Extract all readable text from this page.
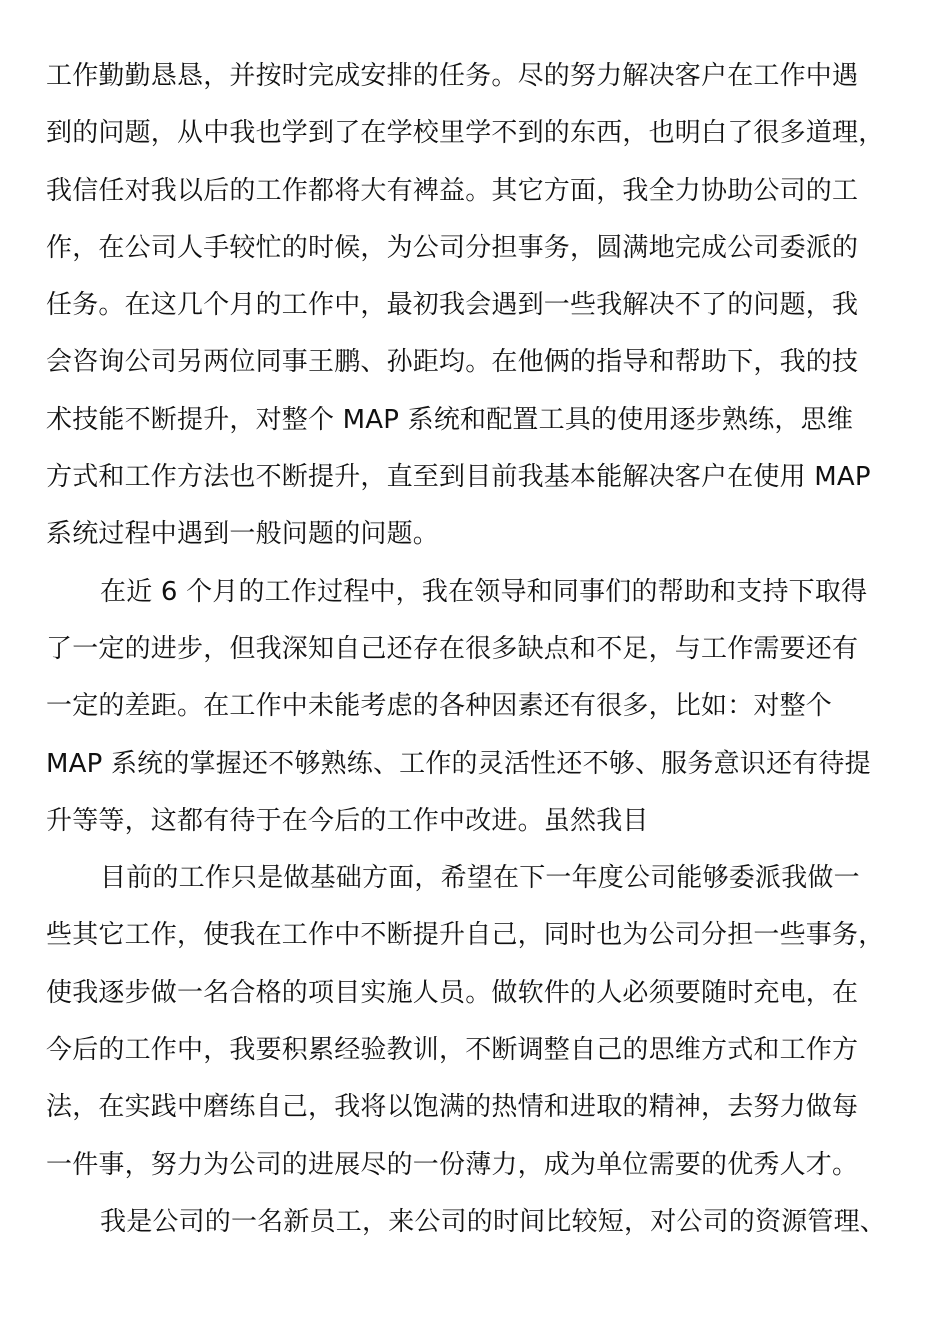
工作勤勤恳恳，并按时完成安排的任务。尽的努力解决客户在工作中遇
到的问题，从中我也学到了在学校里学不到的东西，也明白了很多道理，
我信任对我以后的工作都将大有裨益。其它方面，我全力协助公司的工
作，在公司人手较忙的时候，为公司分担事务，圆满地完成公司委派的
任务。在这几个月的工作中，最初我会遇到一些我解决不了的问题，我
会咨询公司另两位同事王鹏、孙距均。在他俩的指导和帮助下，我的技
术技能不断提升，对整个 MAP 系统和配置工具的使用逐步熟练，思维
方式和工作方法也不断提升，直至到目前我基本能解决客户在使用 MAP
系统过程中遇到一般问题的问题。
在近 6 个月的工作过程中，我在领导和同事们的帮助和支持下取得
了一定的进步，但我深知自己还存在很多缺点和不足，与工作需要还有
一定的差距。在工作中未能考虑的各种因素还有很多，比如：对整个
MAP 系统的掌握还不够熟练、工作的灵活性还不够、服务意识还有待提
升等等，这都有待于在今后的工作中改进。虽然我目
目前的工作只是做基础方面，希望在下一年度公司能够委派我做一
些其它工作，使我在工作中不断提升自己，同时也为公司分担一些事务，
使我逐步做一名合格的项目实施人员。做软件的人必须要随时充电，在
今后的工作中，我要积累经验教训，不断调整自己的思维方式和工作方
法，在实践中磨练自己，我将以饱满的热情和进取的精神，去努力做每
一件事，努力为公司的进展尽的一份薄力，成为单位需要的优秀人才。
我是公司的一名新员工，来公司的时间比较短，对公司的资源管理、
